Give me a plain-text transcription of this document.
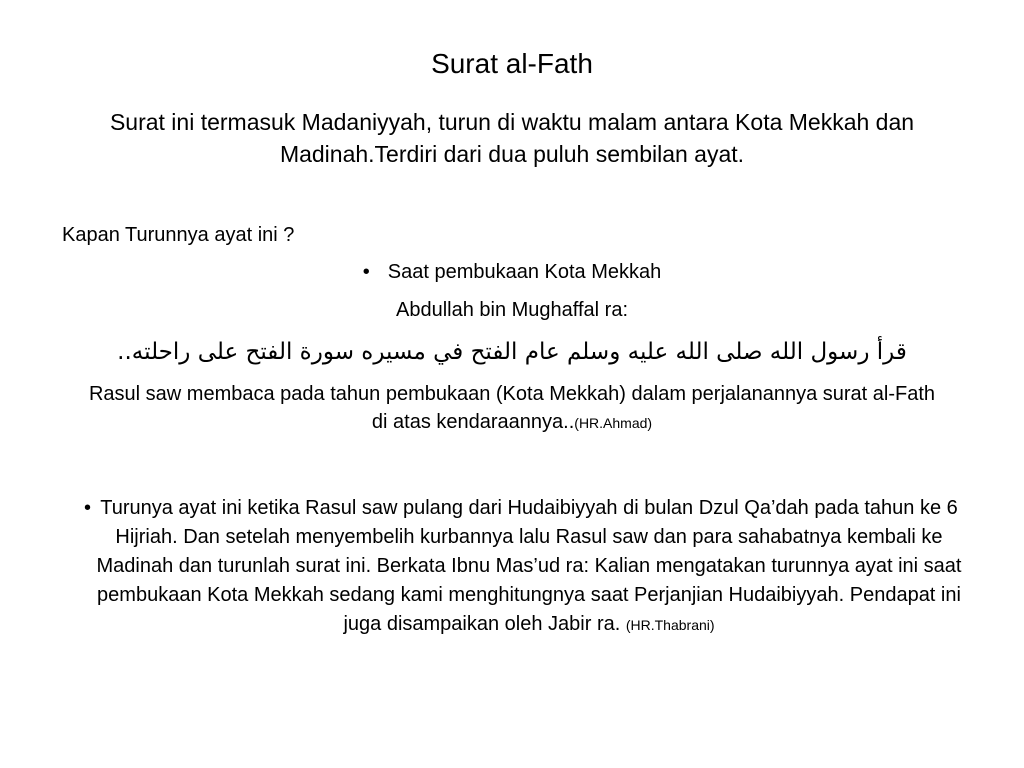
Surat al-Fath
Surat ini termasuk Madaniyyah, turun di waktu malam antara Kota Mekkah dan Madinah.Terdiri dari dua puluh sembilan ayat.
Kapan Turunnya ayat ini ?
• Saat pembukaan Kota Mekkah
Abdullah bin Mughaffal ra:
قرأ رسول الله صلى الله عليه وسلم عام الفتح في مسيره سورة الفتح على راحلته..
Rasul saw membaca pada tahun pembukaan (Kota Mekkah) dalam perjalanannya surat al-Fath di atas kendaraannya..(HR.Ahmad)
• Turunya ayat ini ketika Rasul saw pulang dari Hudaibiyyah di bulan Dzul Qa’dah pada tahun ke 6 Hijriah. Dan setelah menyembelih kurbannya lalu Rasul saw dan para sahabatnya kembali ke Madinah dan turunlah surat ini. Berkata Ibnu Mas’ud ra: Kalian mengatakan turunnya ayat ini saat pembukaan Kota Mekkah sedang kami menghitungnya saat Perjanjian Hudaibiyyah. Pendapat ini juga disampaikan oleh Jabir ra. (HR.Thabrani)
